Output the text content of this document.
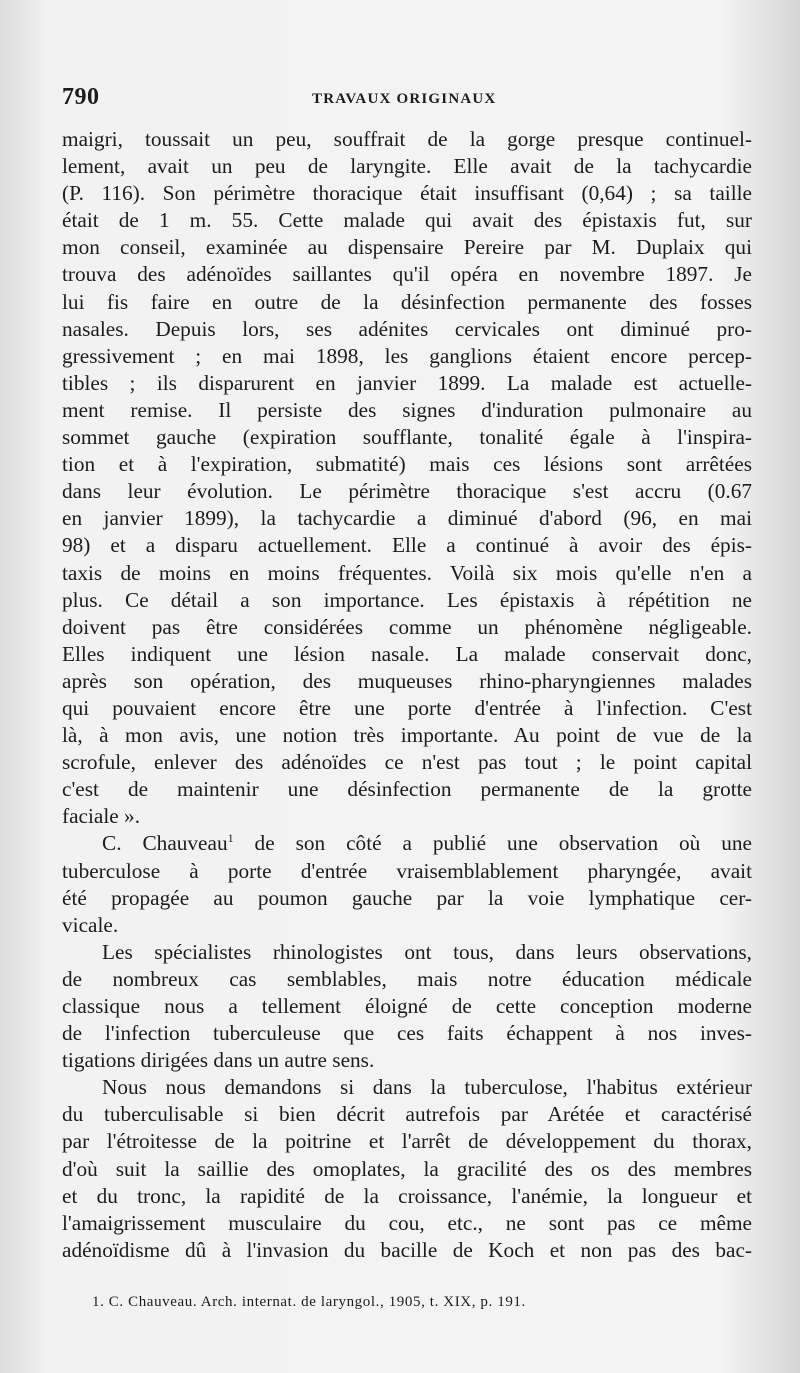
790	TRAVAUX ORIGINAUX
maigri, toussait un peu, souffrait de la gorge presque continuel-
lement, avait un peu de laryngite. Elle avait de la tachycardie
(P. 116). Son périmètre thoracique était insuffisant (0,64) ; sa taille
était de 1 m. 55. Cette malade qui avait des épistaxis fut, sur
mon conseil, examinée au dispensaire Pereire par M. Duplaix qui
trouva des adénoïdes saillantes qu'il opéra en novembre 1897. Je
lui fis faire en outre de la désinfection permanente des fosses
nasales. Depuis lors, ses adénites cervicales ont diminué pro-
gressivement ; en mai 1898, les ganglions étaient encore percep-
tibles ; ils disparurent en janvier 1899. La malade est actuelle-
ment remise. Il persiste des signes d'induration pulmonaire au
sommet gauche (expiration soufflante, tonalité égale à l'inspira-
tion et à l'expiration, submatité) mais ces lésions sont arrêtées
dans leur évolution. Le périmètre thoracique s'est accru (0.67
en janvier 1899), la tachycardie a diminué d'abord (96, en mai
98) et a disparu actuellement. Elle a continué à avoir des épis-
taxis de moins en moins fréquentes. Voilà six mois qu'elle n'en a
plus. Ce détail a son importance. Les épistaxis à répétition ne
doivent pas être considérées comme un phénomène négligeable.
Elles indiquent une lésion nasale. La malade conservait donc,
après son opération, des muqueuses rhino-pharyngiennes malades
qui pouvaient encore être une porte d'entrée à l'infection. C'est
là, à mon avis, une notion très importante. Au point de vue de la
scrofule, enlever des adénoïdes ce n'est pas tout ; le point capital
c'est de maintenir une désinfection permanente de la grotte
faciale ».
C. Chauveau$^1$ de son côté a publié une observation où une
tuberculose à porte d'entrée vraisemblablement pharyngée, avait
été propagée au poumon gauche par la voie lymphatique cer-
vicale.
Les spécialistes rhinologistes ont tous, dans leurs observations,
de nombreux cas semblables, mais notre éducation médicale
classique nous a tellement éloigné de cette conception moderne
de l'infection tuberculeuse que ces faits échappent à nos inves-
tigations dirigées dans un autre sens.
Nous nous demandons si dans la tuberculose, l'habitus extérieur
du tuberculisable si bien décrit autrefois par Arétée et caractérisé
par l'étroitesse de la poitrine et l'arrêt de développement du thorax,
d'où suit la saillie des omoplates, la gracilité des os des membres
et du tronc, la rapidité de la croissance, l'anémie, la longueur et
l'amaigrissement musculaire du cou, etc., ne sont pas ce même
adénoïdisme dû à l'invasion du bacille de Koch et non pas des bac-
1. C. Chauveau. Arch. internat. de laryngol., 1905, t. XIX, p. 191.
